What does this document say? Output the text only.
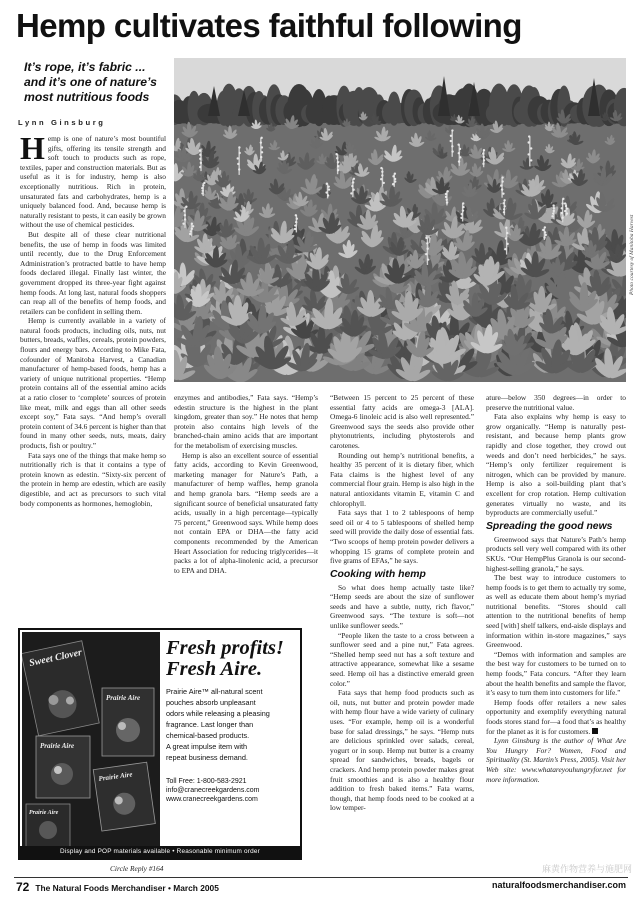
Hemp cultivates faithful following
It’s rope, it’s fabric ...
and it’s one of nature’s
most nutritious foods
Lynn Ginsburg
Photo courtesy of Manitoba Harvest

Hemp is one of nature’s most bountiful gifts, offering its tensile strength and soft touch to products such as rope, textiles, paper and construction materials. But as useful as it is for industry, hemp is also exceptionally nutritious. Rich in protein, unsaturated fats and carbohydrates, hemp is a uniquely balanced food. And, because hemp is naturally resistant to pests, it can easily be grown without the use of chemical pesticides.

But despite all of these clear nutritional benefits, the use of hemp in foods was limited until recently, due to the Drug Enforcement Administration’s protracted battle to have hemp foods declared illegal. Finally last winter, the government dropped its three-year fight against hemp foods. At long last, natural foods shoppers can reap all of the benefits of hemp foods, and retailers can be confident in selling them.

Hemp is currently available in a variety of natural foods products, including oils, nuts, nut butters, breads, waffles, cereals, protein powders, flours and energy bars. According to Mike Fata, cofounder of Manitoba Harvest, a Canadian manufacturer of hemp-based foods, hemp has a variety of unique nutritional properties. “Hemp protein contains all of the essential amino acids at a ratio closer to ‘complete’ sources of protein like meat, milk and eggs than all other seeds except soy,” Fata says. “And hemp’s overall protein content of 34.6 percent is higher than that found in many other seeds, nuts, meats, dairy products, fish or poultry.”

Fata says one of the things that make hemp so nutritionally rich is that it contains a type of protein known as edestin. “Sixty-six percent of the protein in hemp are edestin, which are easily digestible, and act as precursors to such vital body components as hormones, hemoglobin,

enzymes and antibodies,” Fata says. “Hemp’s edestin structure is the highest in the plant kingdom, greater than soy.” He notes that hemp protein also contains high levels of the branched-chain amino acids that are important for the metabolism of exercising muscles.

Hemp is also an excellent source of essential fatty acids, according to Kevin Greenwood, marketing manager for Nature’s Path, a manufacturer of hemp waffles, hemp granola and hemp granola bars. “Hemp seeds are a significant source of beneficial unsaturated fatty acids, usually in a high percentage—typically 75 percent,” Greenwood says. While hemp does not contain EPA or DHA—the fatty acid components recommended by the American Heart Association for reducing triglycerides—it packs a lot of alpha-linolenic acid, a precursor to EPA and DHA.

“Between 15 percent to 25 percent of these essential fatty acids are omega-3 [ALA]. Omega-6 linoleic acid is also well represented.” Greenwood says the seeds also provide other phytonutrients, including phytosterols and carotenes.

Rounding out hemp’s nutritional benefits, a healthy 35 percent of it is dietary fiber, which Fata claims is the highest level of any commercial flour grain. Hemp is also high in the natural antioxidants vitamin E, vitamin C and chlorophyll.

Fata says that 1 to 2 tablespoons of hemp seed oil or 4 to 5 tablespoons of shelled hemp seed will provide the daily dose of essential fats. “Two scoops of hemp protein powder delivers a whopping 15 grams of complete protein and five grams of EFAs,” he says.

Cooking with hemp

So what does hemp actually taste like? “Hemp seeds are about the size of sunflower seeds and have a subtle, nutty, rich flavor,” Greenwood says. “The texture is soft—not unlike sunflower seeds.”

“People liken the taste to a cross between a sunflower seed and a pine nut,” Fata agrees. “Shelled hemp seed nut has a soft texture and attractive appearance, somewhat like a sesame seed. Hemp oil has a distinctive emerald green color.”

Fata says that hemp food products such as oil, nuts, nut butter and protein powder made with hemp flour have a wide variety of culinary uses. “For example, hemp oil is a wonderful base for salad dressings,” he says. “Hemp nuts are delicious sprinkled over salads, cereal, yogurt or in soup. Hemp nut butter is a creamy spread for sandwiches, breads, bagels or crackers. And hemp protein powder makes great fruit smoothies and is also a healthy flour addition to fresh baked items.” Fata warns, though, that hemp foods need to be cooked at a low temper-

ature—below 350 degrees—in order to preserve the nutritional value.

Fata also explains why hemp is easy to grow organically. “Hemp is naturally pest-resistant, and because hemp plants grow rapidly and close together, they crowd out weeds and don’t need herbicides,” he says. “Hemp’s only fertilizer requirement is nitrogen, which can be provided by manure. Hemp is also a soil-building plant that’s excellent for crop rotation. Hemp cultivation generates virtually no waste, and its byproducts are commercially useful.”

Spreading the good news

Greenwood says that Nature’s Path’s hemp products sell very well compared with its other SKUs. “Our HempPlus Granola is our second-highest-selling granola,” he says.

The best way to introduce customers to hemp foods is to get them to actually try some, as well as educate them about hemp’s myriad nutritional benefits. “Stores should call attention to the nutritional benefits of hemp seed [with] shelf talkers, end-aisle displays and information within in-store magazines,” says Greenwood.

“Demos with information and samples are the best way for customers to be turned on to hemp foods,” Fata concurs. “After they learn about the health benefits and sample the flavor, it’s easy to turn them into customers for life.”

Hemp foods offer retailers a new sales opportunity and exemplify everything natural foods stores stand for—a food that’s as healthy for the planet as it is for customers.

Lynn Ginsburg is the author of What Are You Hungry For? Women, Food and Spirituality (St. Martin’s Press, 2005). Visit her Web site: www.whatareyouhungryfor.net for more information.

Sweet Clover
Prairie Aire
Prairie Aire
Prairie Aire
Prairie Aire
Fresh profits!
Fresh Aire.
Prairie Aire™ all-natural scent
pouches absorb unpleasant
odors while releasing a pleasing
fragrance. Last longer than
chemical-based products.
A great impulse item with
repeat business demand.
Toll Free: 1-800-583-2921
info@cranecreekgardens.com
www.cranecreekgardens.com
Display and POP materials available • Reasonable minimum order
Circle Reply #164	麻黄作物营养与施肥网
72 The Natural Foods Merchandiser • March 2005	naturalfoodsmerchandiser.com
